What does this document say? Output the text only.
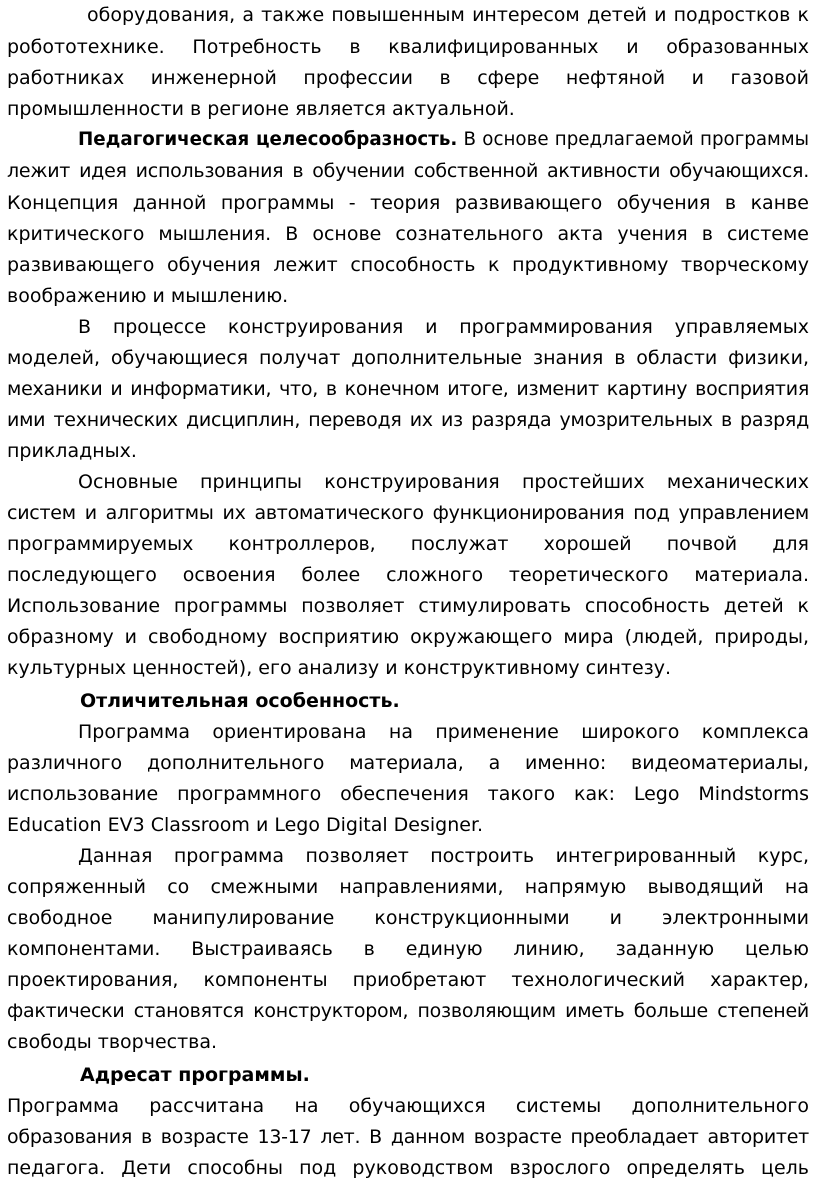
оборудования, а также повышенным интересом детей и подростков к
робототехнике. Потребность в квалифицированных и образованных
работниках инженерной профессии в сфере нефтяной и газовой
промышленности в регионе является актуальной.
Педагогическая целесообразность. В основе предлагаемой программы
лежит идея использования в обучении собственной активности обучающихся.
Концепция данной программы - теория развивающего обучения в канве
критического мышления. В основе сознательного акта учения в системе
развивающего обучения лежит способность к продуктивному творческому
воображению и мышлению.
В процессе конструирования и программирования управляемых
моделей, обучающиеся получат дополнительные знания в области физики,
механики и информатики, что, в конечном итоге, изменит картину восприятия
ими технических дисциплин, переводя их из разряда умозрительных в разряд
прикладных.
Основные принципы конструирования простейших механических
систем и алгоритмы их автоматического функционирования под управлением
программируемых контроллеров, послужат хорошей почвой для
последующего освоения более сложного теоретического материала.
Использование программы позволяет стимулировать способность детей к
образному и свободному восприятию окружающего мира (людей, природы,
культурных ценностей), его анализу и конструктивному синтезу.
Отличительная особенность.
Программа ориентирована на применение широкого комплекса
различного дополнительного материала, а именно: видеоматериалы,
использование программного обеспечения такого как: Lego Mindstorms
Education EV3 Classroom и Lego Digital Designer.
Данная программа позволяет построить интегрированный курс,
сопряженный со смежными направлениями, напрямую выводящий на
свободное манипулирование конструкционными и электронными
компонентами. Выстраиваясь в единую линию, заданную целью
проектирования, компоненты приобретают технологический характер,
фактически становятся конструктором, позволяющим иметь больше степеней
свободы творчества.
Адресат программы.
Программа рассчитана на обучающихся системы дополнительного
образования в возрасте 13-17 лет. В данном возрасте преобладает авторитет
педагога. Дети способны под руководством взрослого определять цель
